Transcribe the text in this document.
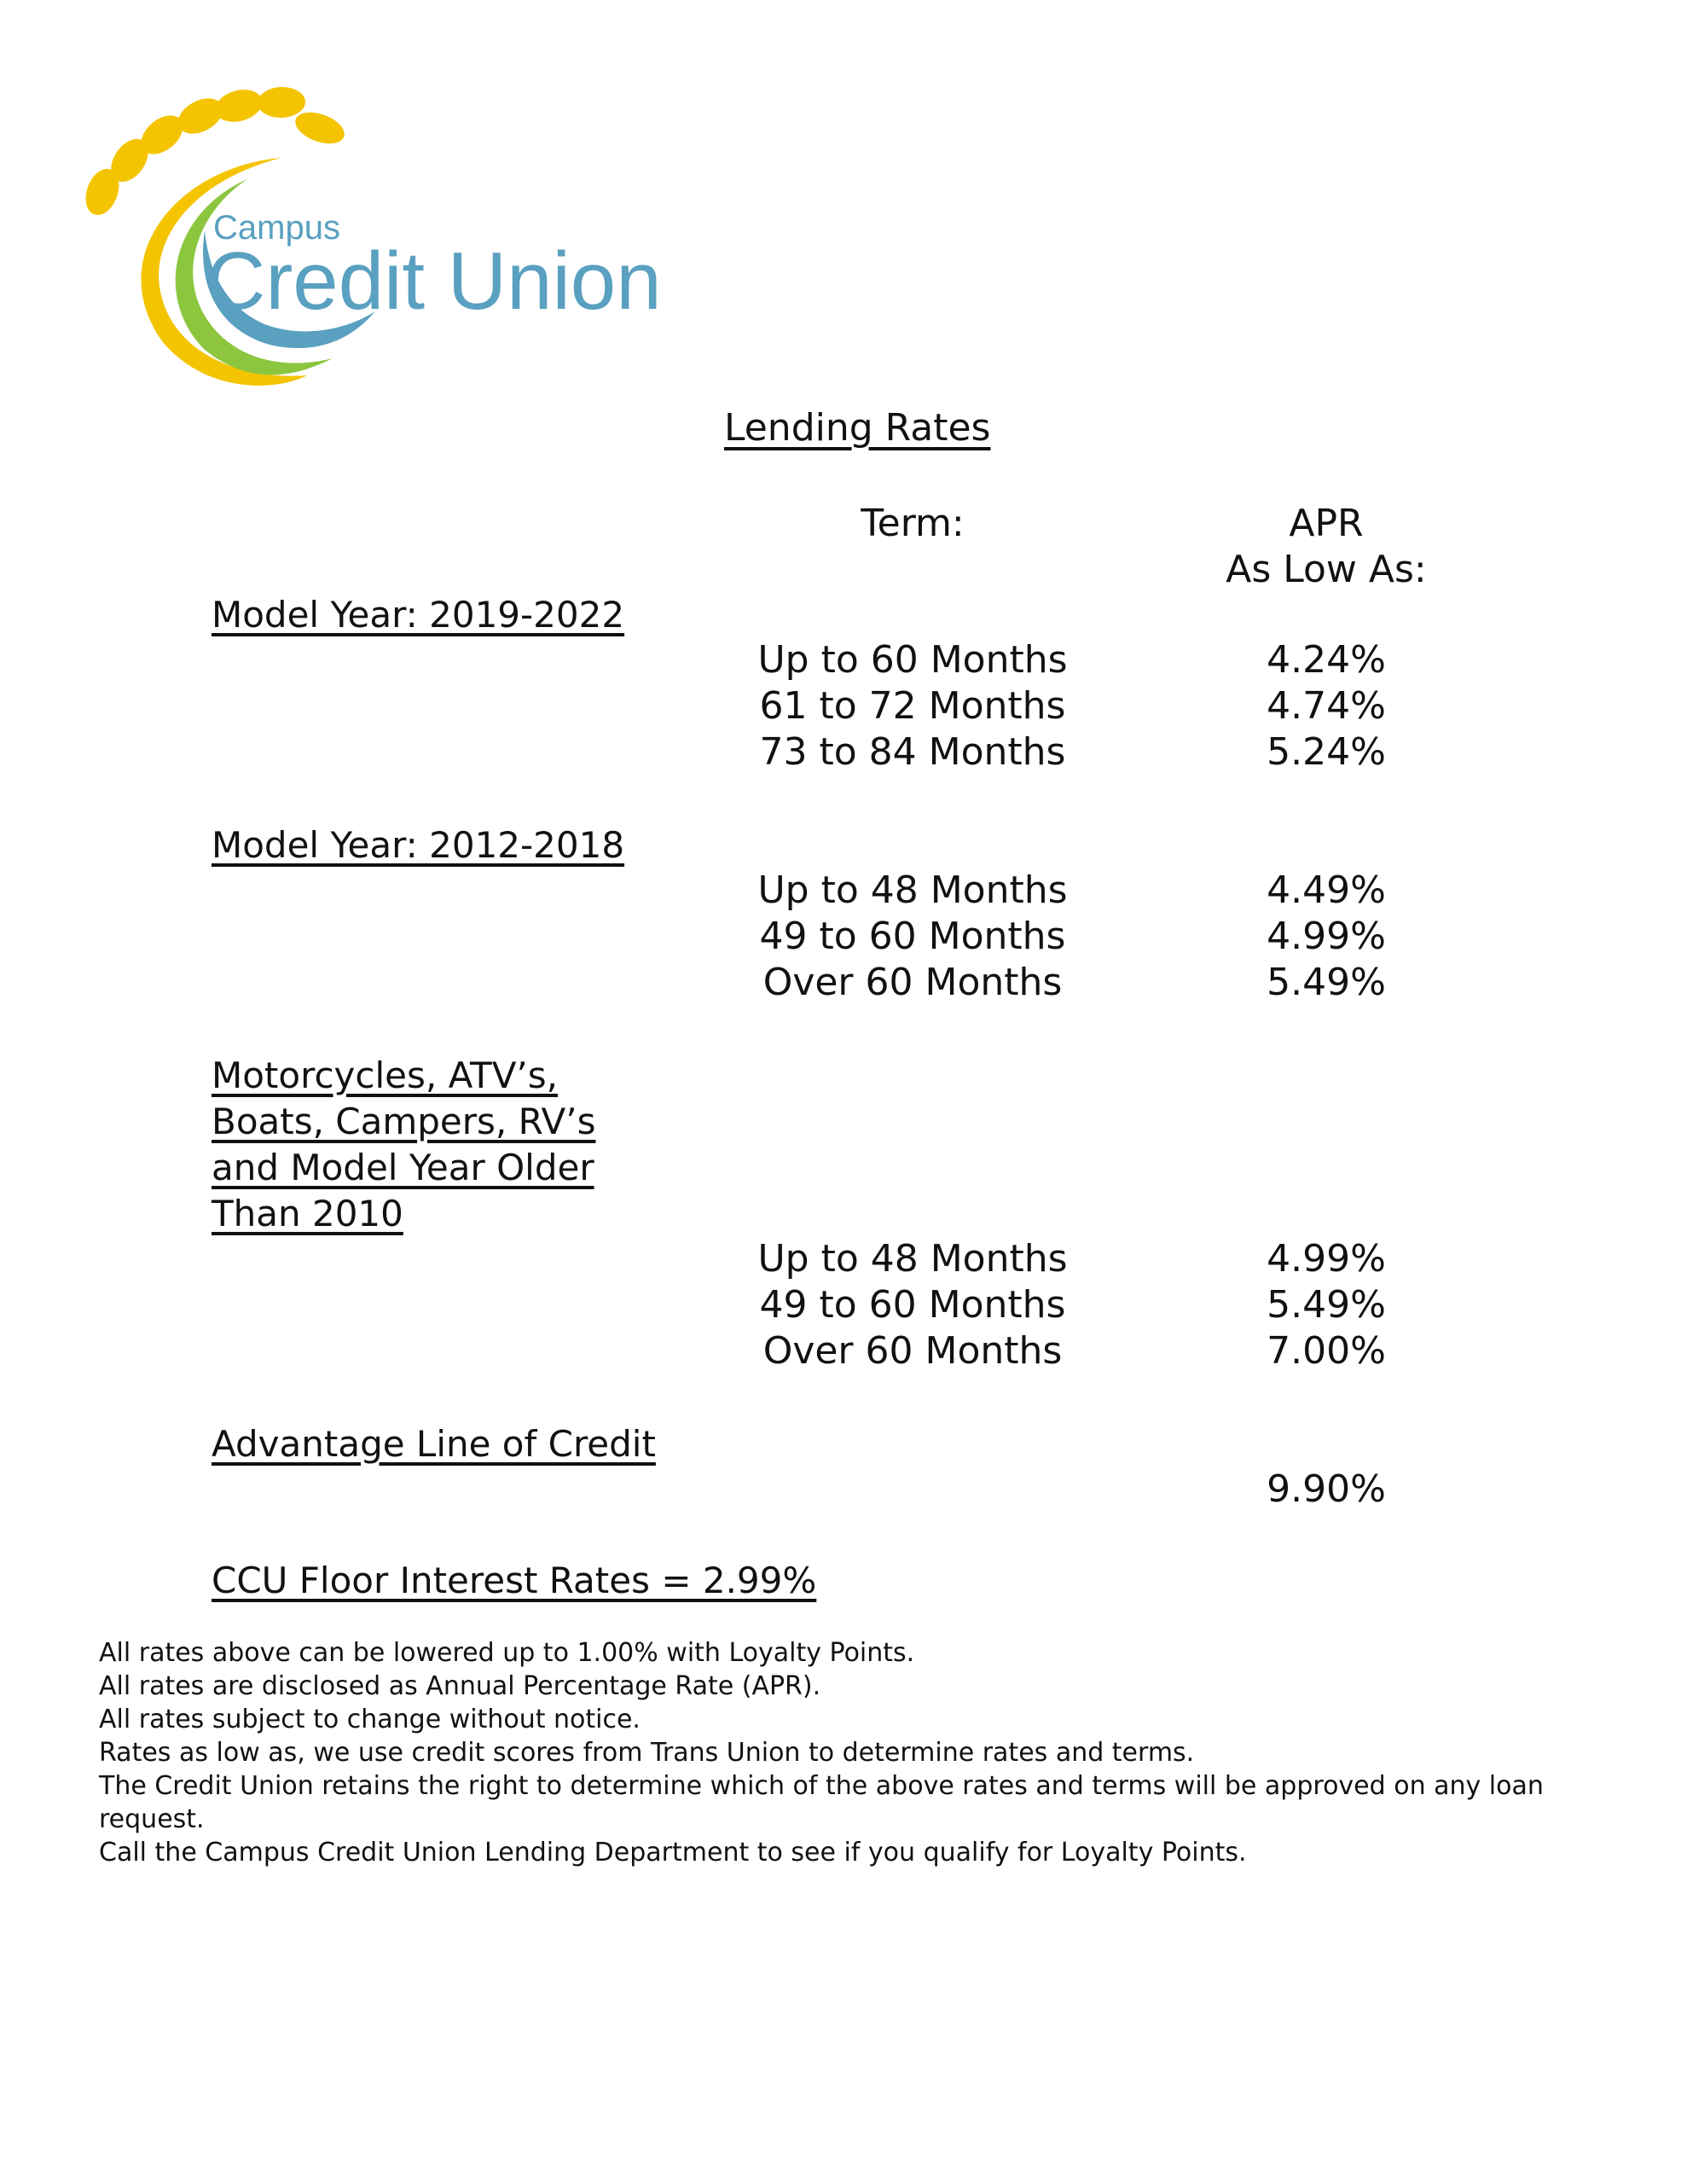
Campus
Credit Union
Lending Rates
Term:	APR
As Low As:
Model Year: 2019-2022
Up to 60 Months	4.24%
61 to 72 Months	4.74%
73 to 84 Months	5.24%
Model Year: 2012-2018
Up to 48 Months	4.49%
49 to 60 Months	4.99%
Over 60 Months	5.49%
Motorcycles, ATV’s,
Boats, Campers, RV’s
and Model Year Older
Than 2010
Up to 48 Months	4.99%
49 to 60 Months	5.49%
Over 60 Months	7.00%
Advantage Line of Credit
9.90%
CCU Floor Interest Rates = 2.99%
All rates above can be lowered up to 1.00% with Loyalty Points.
All rates are disclosed as Annual Percentage Rate (APR).
All rates subject to change without notice.
Rates as low as, we use credit scores from Trans Union to determine rates and terms.
The Credit Union retains the right to determine which of the above rates and terms will be approved on any loan request.
Call the Campus Credit Union Lending Department to see if you qualify for Loyalty Points.
